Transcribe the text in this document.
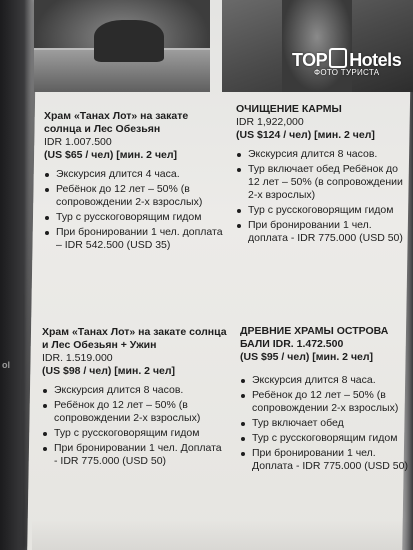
ol
TOP Hotels
ФОТО ТУРИСТА

Храм «Танах Лот» на закате солнца и Лес Обезьян

IDR 1.007.500

(US $65 / чел) [мин. 2 чел]

Экскурсия длится 4 часа.
Ребёнок до 12 лет – 50% (в сопровождении 2-х взрослых)
Тур с русскоговорящим гидом
При бронировании 1 чел. доплата – IDR 542.500 (USD 35)

ОЧИЩЕНИЕ КАРМЫ

IDR 1,922,000

(US $124 / чел) [мин. 2 чел]

Экскурсия длится 8 часов.
Тур включает обед Ребёнок до 12 лет – 50% (в сопровождении 2-х взрослых)
Тур с русскоговорящим гидом
При бронировании 1 чел. доплата - IDR 775.000 (USD 50)

Храм «Танах Лот» на закате солнца и Лес Обезьян + Ужин

IDR. 1.519.000

(US $98 / чел) [мин. 2 чел]

Экскурсия длится 8 часов.
Ребёнок до 12 лет – 50% (в сопровождении 2-х взрослых)
Тур с русскоговорящим гидом
При бронировании 1 чел. Доплата - IDR 775.000 (USD 50)

ДРЕВНИЕ ХРАМЫ ОСТРОВА БАЛИ IDR. 1.472.500

(US $95 / чел) [мин. 2 чел]

Экскурсия длится 8 часа.
Ребёнок до 12 лет – 50% (в сопровождении 2-х взрослых)
Тур включает обед
Тур с русскоговорящим гидом
При бронировании 1 чел. Доплата - IDR 775.000 (USD 50)
